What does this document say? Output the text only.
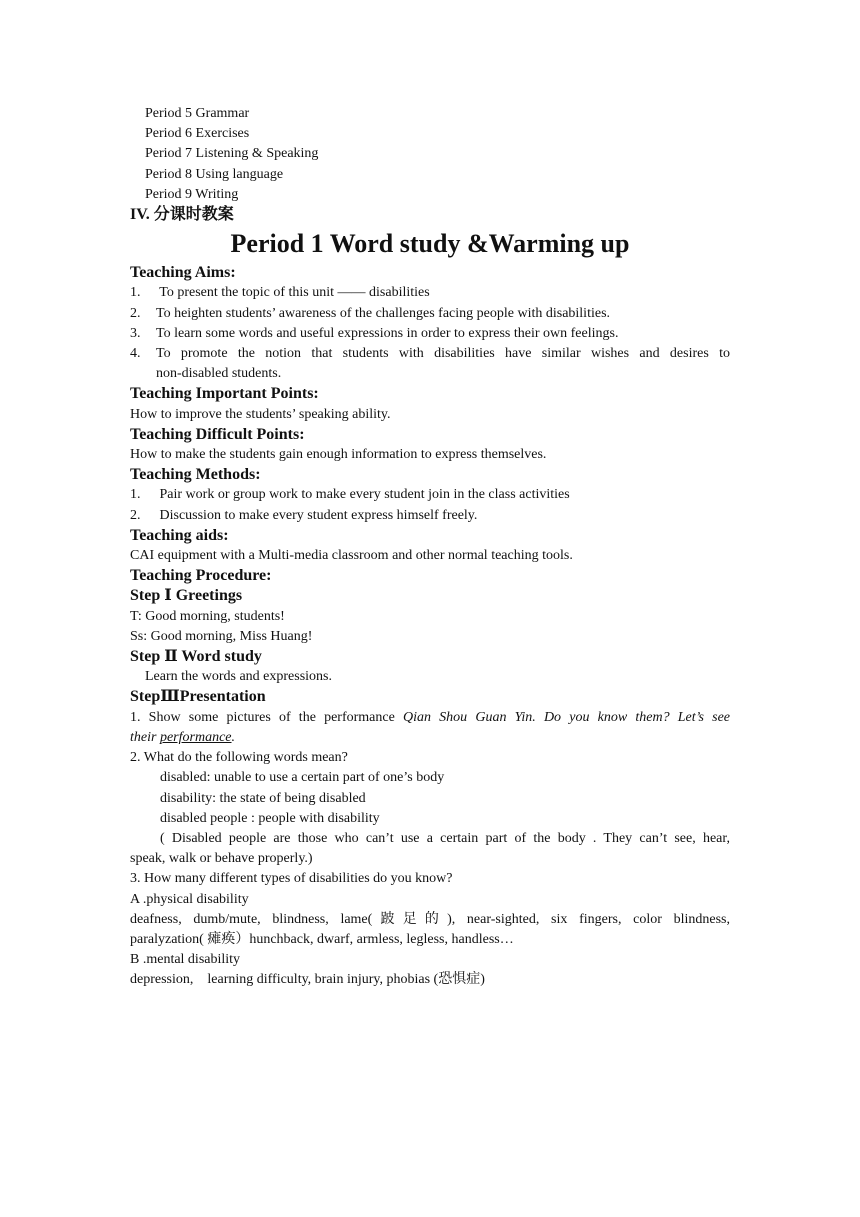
Period 5 Grammar
Period 6 Exercises
Period 7 Listening & Speaking
Period 8 Using language
Period 9 Writing
IV. 分课时教案
Period 1 Word study &Warming up
Teaching Aims:
1.	To present the topic of this unit —— disabilities
2.	To heighten students’ awareness of the challenges facing people with disabilities.
3.	To learn some words and useful expressions in order to express their own feelings.
4.	To promote the notion that students with disabilities have similar wishes and desires to
non-disabled students.
Teaching Important Points:
How to improve the students’ speaking ability.
Teaching Difficult Points:
How to make the students gain enough information to express themselves.
Teaching Methods:
1.	Pair work or group work to make every student join in the class activities
2.	Discussion to make every student express himself freely.
Teaching aids:
CAI equipment with a Multi-media classroom and other normal teaching tools.
Teaching Procedure:
Step Ⅰ Greetings
T: Good morning, students!
Ss: Good morning, Miss Huang!
Step Ⅱ Word study
Learn the words and expressions.
StepⅢPresentation
1. Show some pictures of the performance Qian Shou Guan Yin. Do you know them? Let’s see
their performance.
2. What do the following words mean?
disabled: unable to use a certain part of one’s body
disability: the state of being disabled
disabled people : people with disability
( Disabled people are those who can’t use a certain part of the body . They can’t see, hear,
speak, walk or behave properly.)
3. How many different types of disabilities do you know?
A .physical disability
deafness, dumb/mute, blindness, lame(跛足的), near-sighted, six fingers, color blindness,
paralyzation( 瘫痪）hunchback, dwarf, armless, legless, handless…
B .mental disability
depression,    learning difficulty, brain injury, phobias (恐惧症)
